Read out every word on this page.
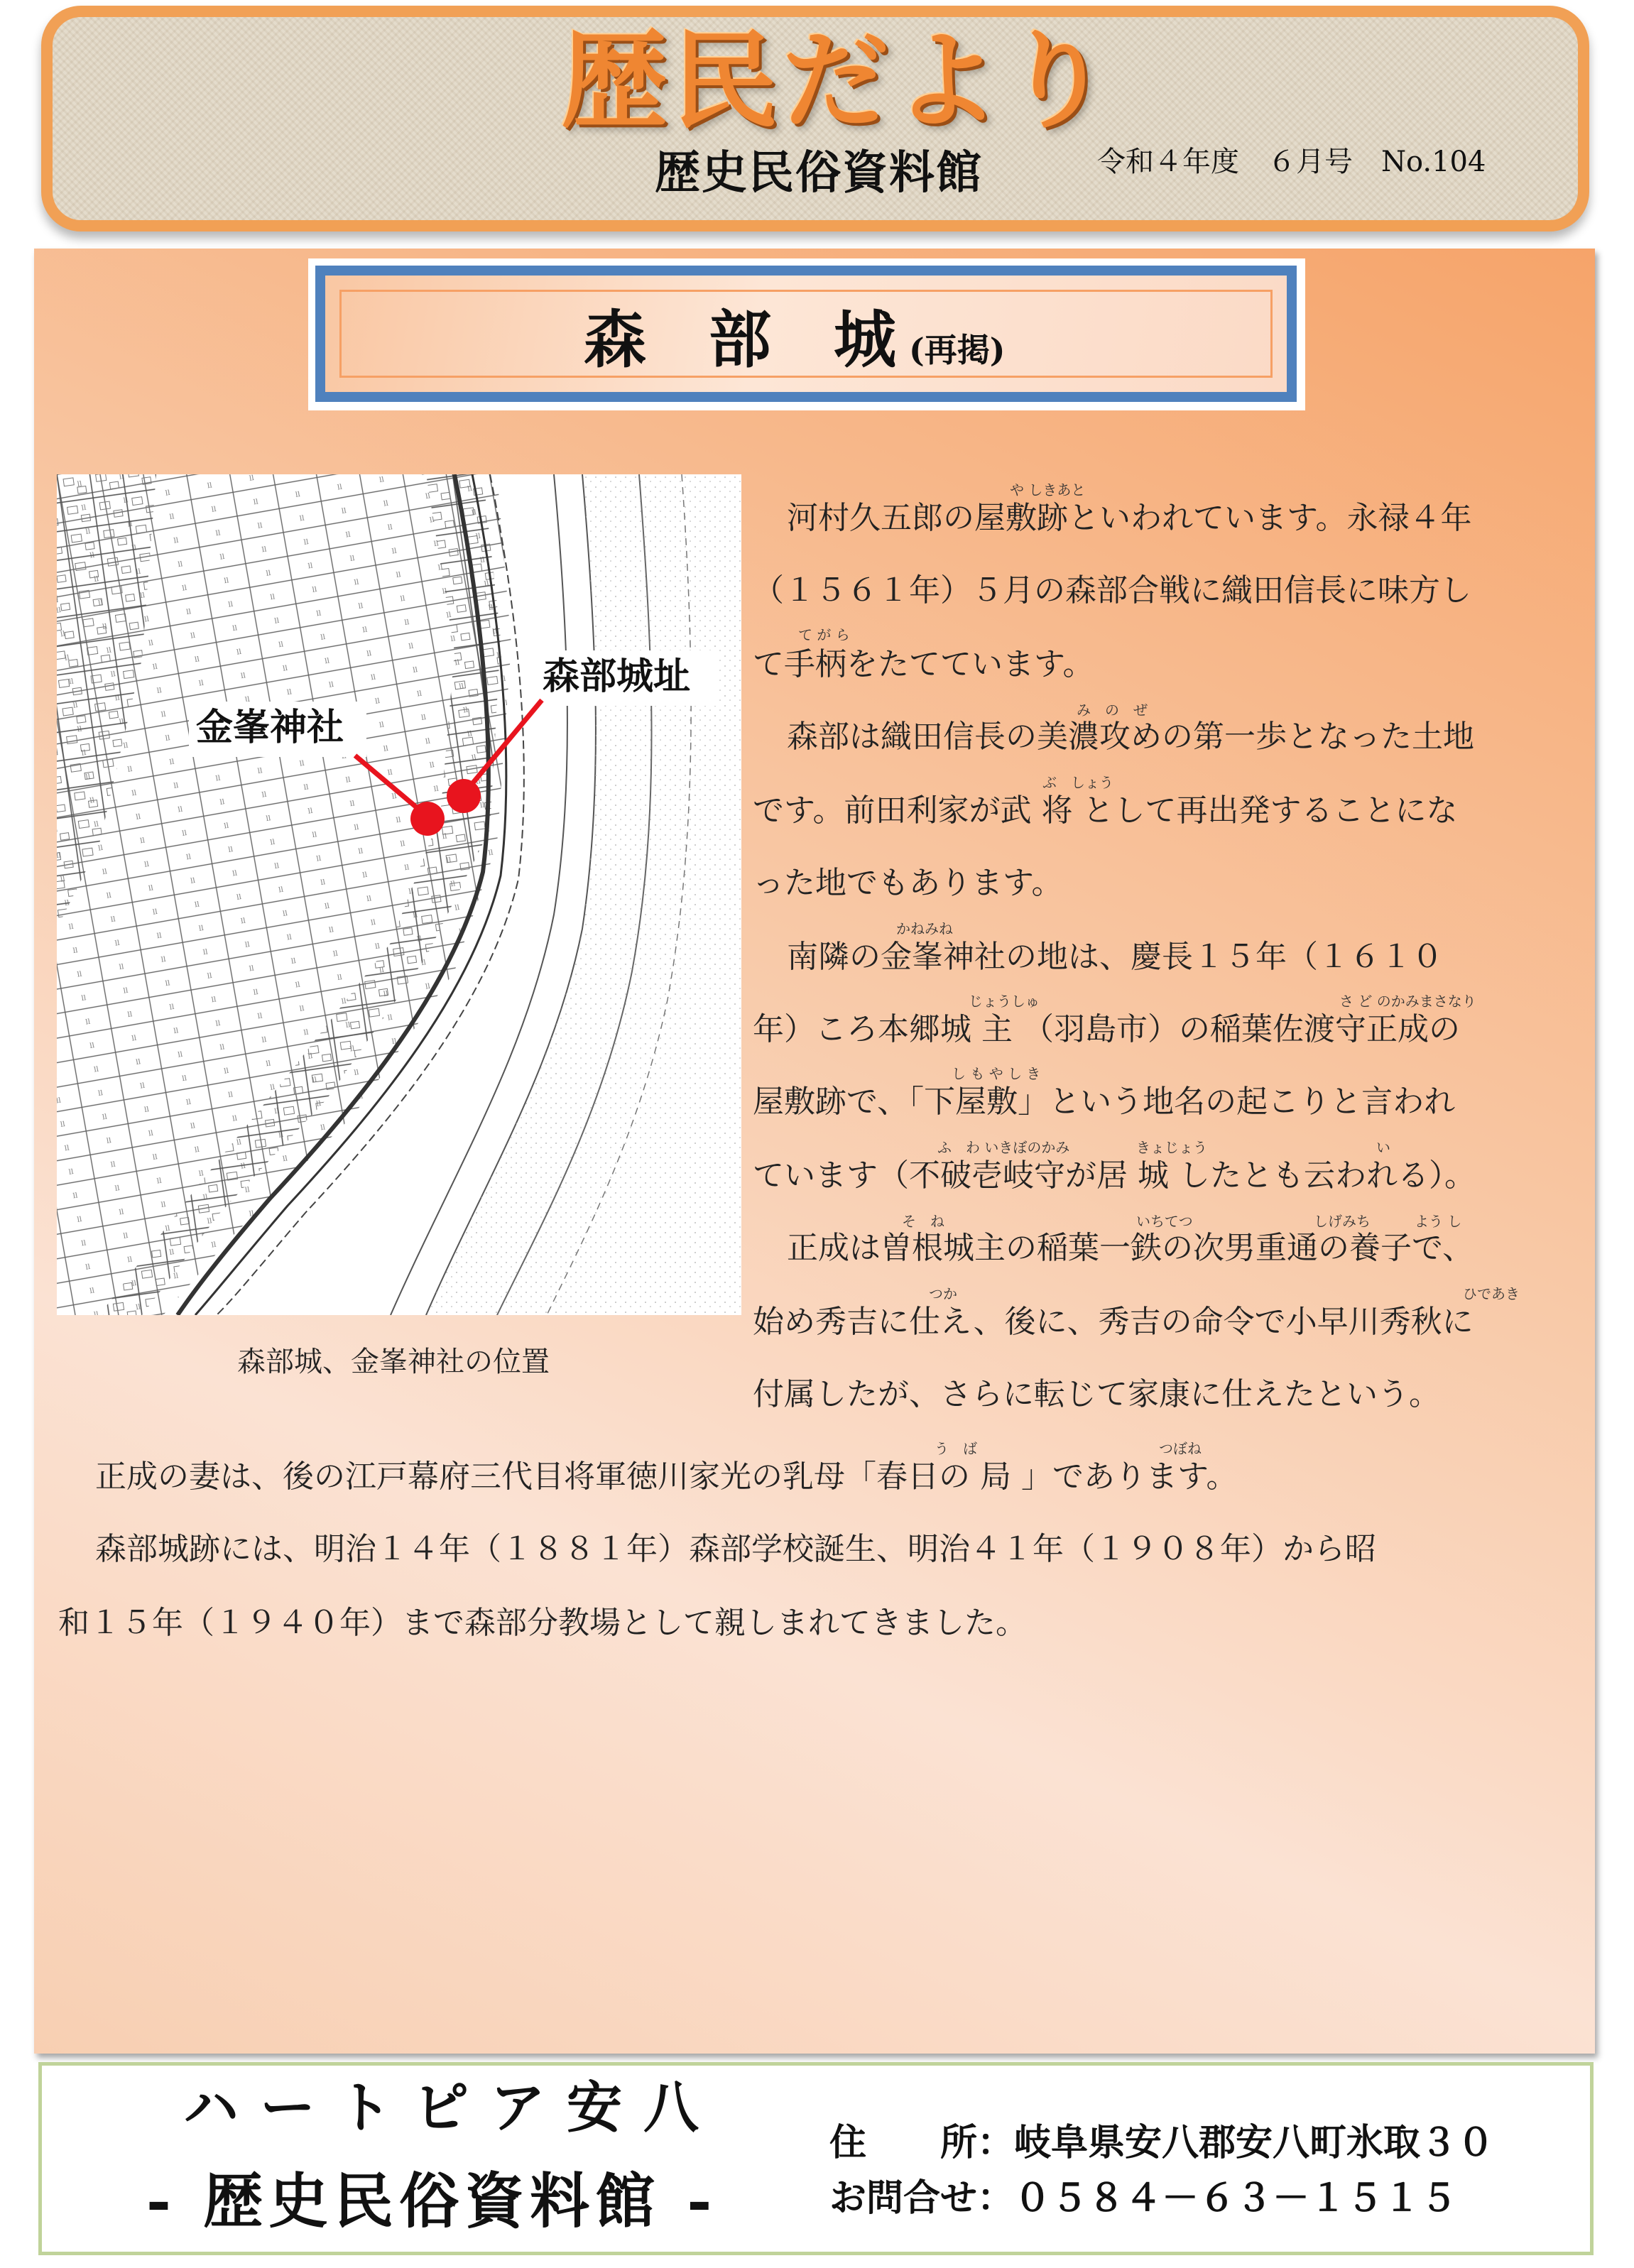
歴民だより
歴史民俗資料館	令和４年度　６月号　No.104
森　部　城 (再掲)
森部城址
金峯神社
森部城、金峯神社の位置
や しきあと
て が ら
み　の　ぜ
ぶ　しょう
かねみね
じょうしゅ	さ ど のかみまさなり
し も や し き
ふ　わ いきぼのかみ	きょじょう	い
そ　ね	いちてつ	しげみち	よう し
つか	ひであき
う　ば	つぼね
河村久五郎の屋敷跡といわれています。永禄４年
（１５６１年）５月の森部合戦に織田信長に味方し
て手柄をたてています。
森部は織田信長の美濃攻めの第一歩となった土地
です。前田利家が武 将 として再出発することにな
った地でもあります。
南隣の金峯神社の地は、慶長１５年（１６１０
年）ころ本郷城 主 （羽島市）の稲葉佐渡守正成の
屋敷跡で、「下屋敷」という地名の起こりと言われ
ています（不破壱岐守が居 城 したとも云われる）。
正成は曽根城主の稲葉一鉄の次男重通の養子で、
始め秀吉に仕え、後に、秀吉の命令で小早川秀秋に
付属したが、さらに転じて家康に仕えたという。
正成の妻は、後の江戸幕府三代目将軍徳川家光の乳母「春日の 局 」であります。
森部城跡には、明治１４年（１８８１年）森部学校誕生、明治４１年（１９０８年）から昭
和１５年（１９４０年）まで森部分教場として親しまれてきました。
ハートピア安八
- 歴史民俗資料館 -
住　　所： 岐阜県安八郡安八町氷取３０
お問合せ： ０５８４－６３－１５１５
